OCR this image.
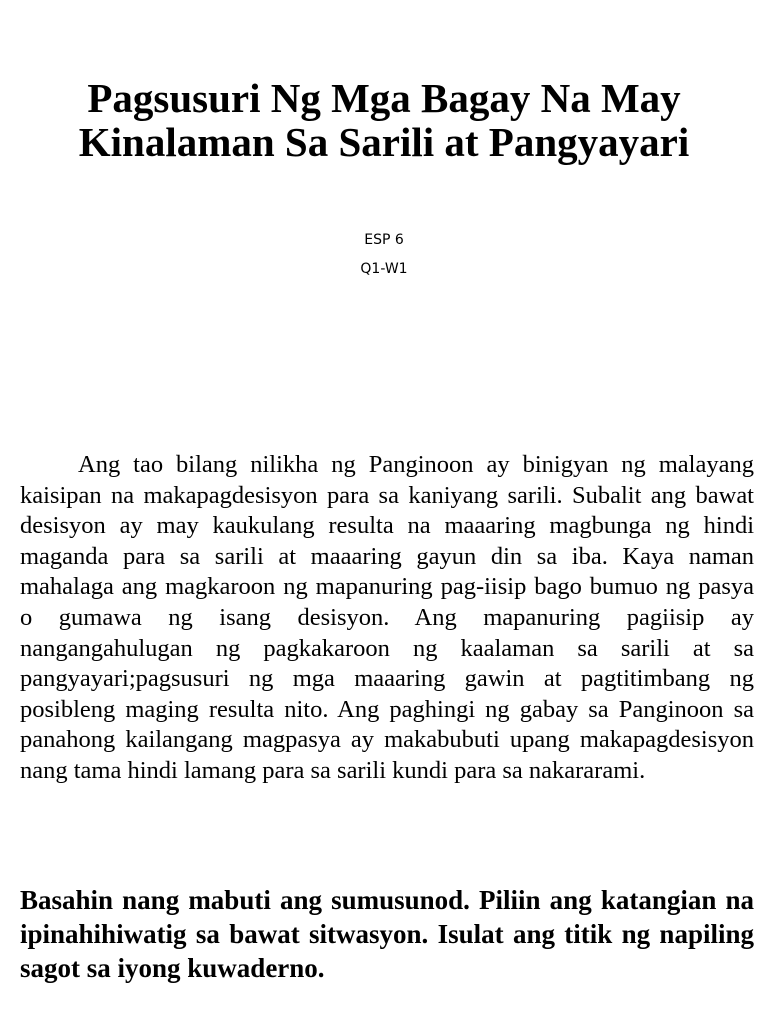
Pagsusuri Ng Mga Bagay Na May Kinalaman Sa Sarili at Pangyayari

ESP 6

Q1-W1

Ang tao bilang nilikha ng Panginoon ay binigyan ng malayang kaisipan na makapagdesisyon para sa kaniyang sarili. Subalit ang bawat desisyon ay may kaukulang resulta na maaaring magbunga ng hindi maganda para sa sarili at maaaring gayun din sa iba. Kaya naman mahalaga ang magkaroon ng mapanuring pag-iisip bago bumuo ng pasya o gumawa ng isang desisyon. Ang mapanuring pagiisip ay nangangahulugan ng pagkakaroon ng kaalaman sa sarili at sa pangyayari;pagsusuri ng mga maaaring gawin at pagtitimbang ng posibleng maging resulta nito. Ang paghingi ng gabay sa Panginoon sa panahong kailangang magpasya ay makabubuti upang makapagdesisyon nang tama hindi lamang para sa sarili kundi para sa nakararami.

Basahin nang mabuti ang sumusunod. Piliin ang katangian na ipinahihiwatig sa bawat sitwasyon. Isulat ang titik ng napiling sagot sa iyong kuwaderno.
